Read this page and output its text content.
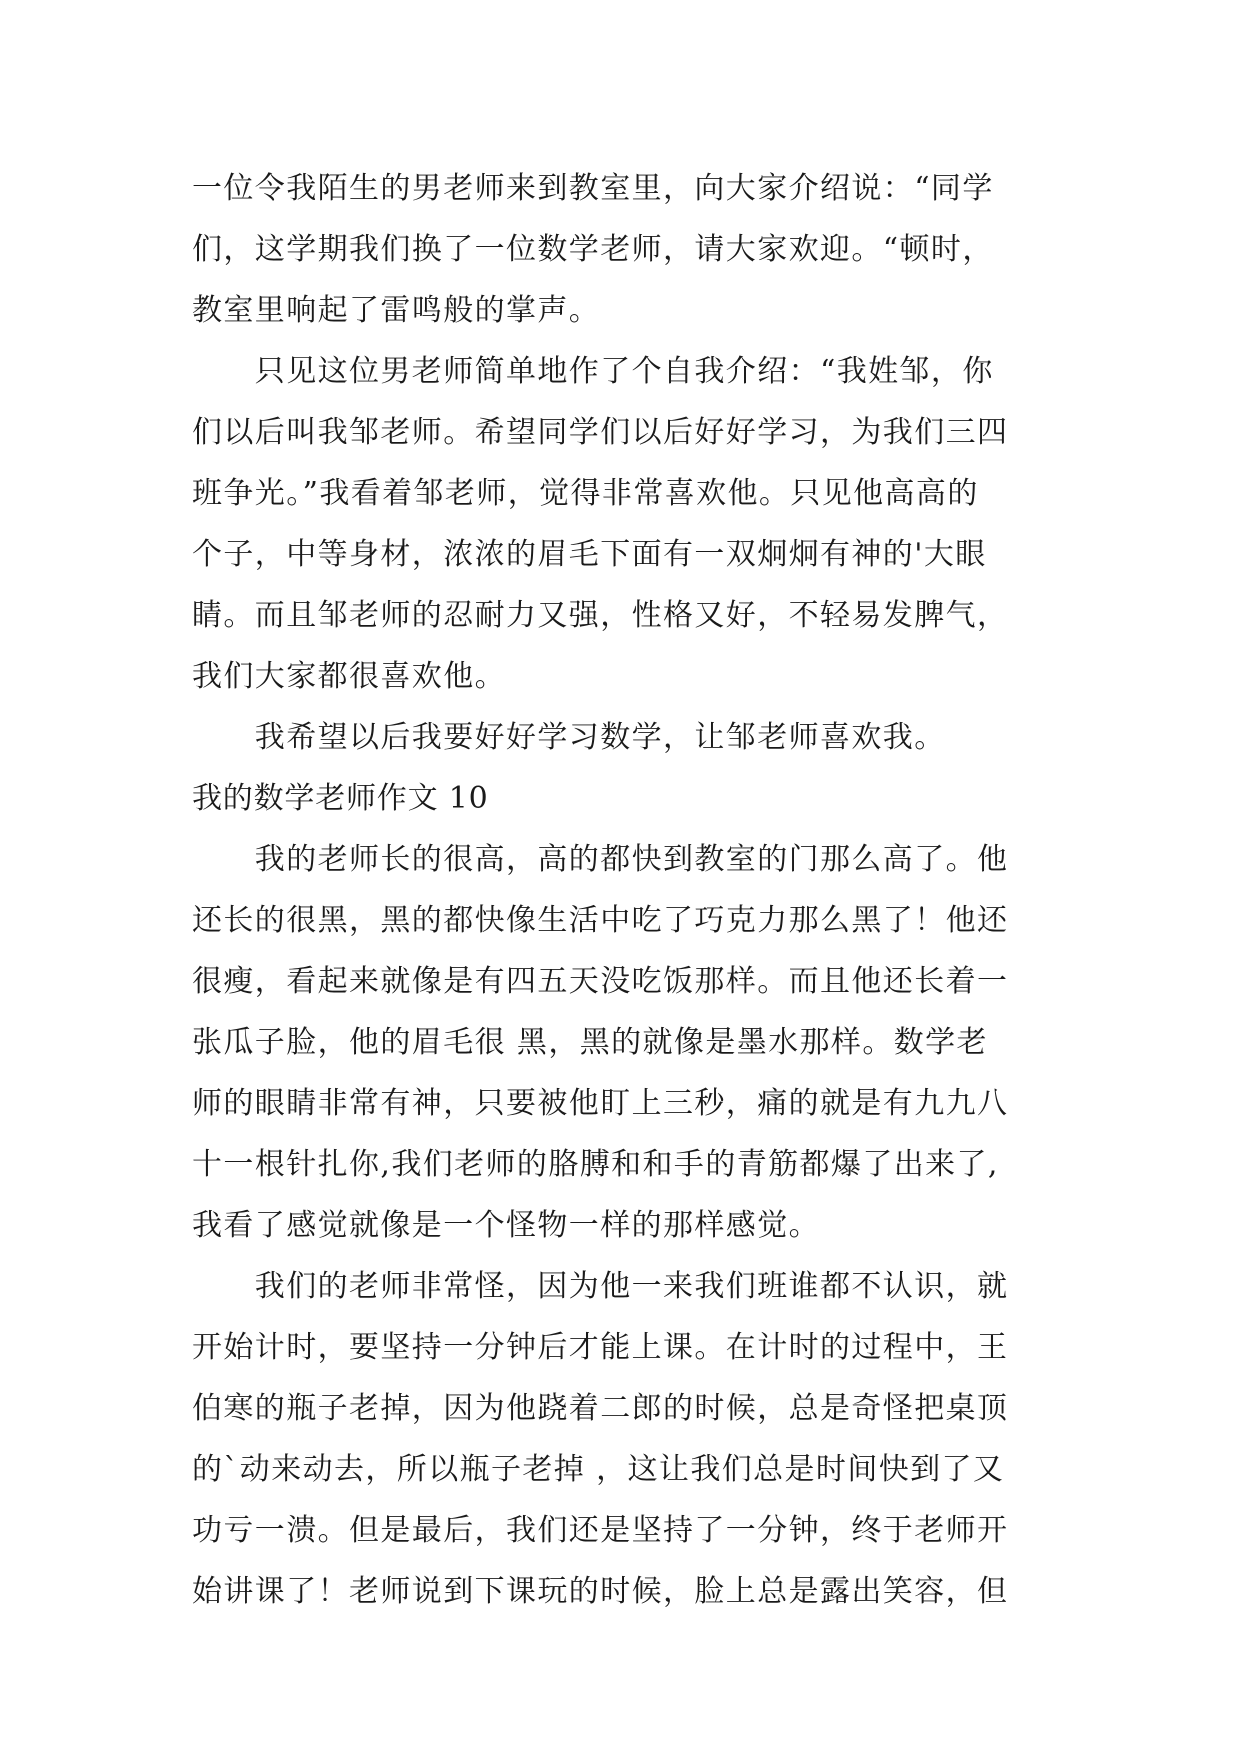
一位令我陌生的男老师来到教室里，向大家介绍说：“同学
们，这学期我们换了一位数学老师，请大家欢迎。“顿时，
教室里响起了雷鸣般的掌声。
　　只见这位男老师简单地作了个自我介绍：“我姓邹，你
们以后叫我邹老师。希望同学们以后好好学习，为我们三四
班争光。”我看着邹老师，觉得非常喜欢他。只见他高高的
个子，中等身材，浓浓的眉毛下面有一双炯炯有神的'大眼
睛。而且邹老师的忍耐力又强，性格又好，不轻易发脾气，
我们大家都很喜欢他。
　　我希望以后我要好好学习数学，让邹老师喜欢我。
我的数学老师作文 10
　　我的老师长的很高，高的都快到教室的门那么高了。他
还长的很黑，黑的都快像生活中吃了巧克力那么黑了！他还
很瘦，看起来就像是有四五天没吃饭那样。而且他还长着一
张瓜子脸，他的眉毛很 黑，黑的就像是墨水那样。数学老
师的眼睛非常有神，只要被他盯上三秒，痛的就是有九九八
十一根针扎你,我们老师的胳膊和和手的青筋都爆了出来了,
我看了感觉就像是一个怪物一样的那样感觉。
　　我们的老师非常怪，因为他一来我们班谁都不认识，就
开始计时，要坚持一分钟后才能上课。在计时的过程中，王
伯寒的瓶子老掉，因为他跷着二郎的时候，总是奇怪把桌顶
的`动来动去，所以瓶子老掉 ，这让我们总是时间快到了又
功亏一溃。但是最后，我们还是坚持了一分钟，终于老师开
始讲课了！老师说到下课玩的时候，脸上总是露出笑容，但
